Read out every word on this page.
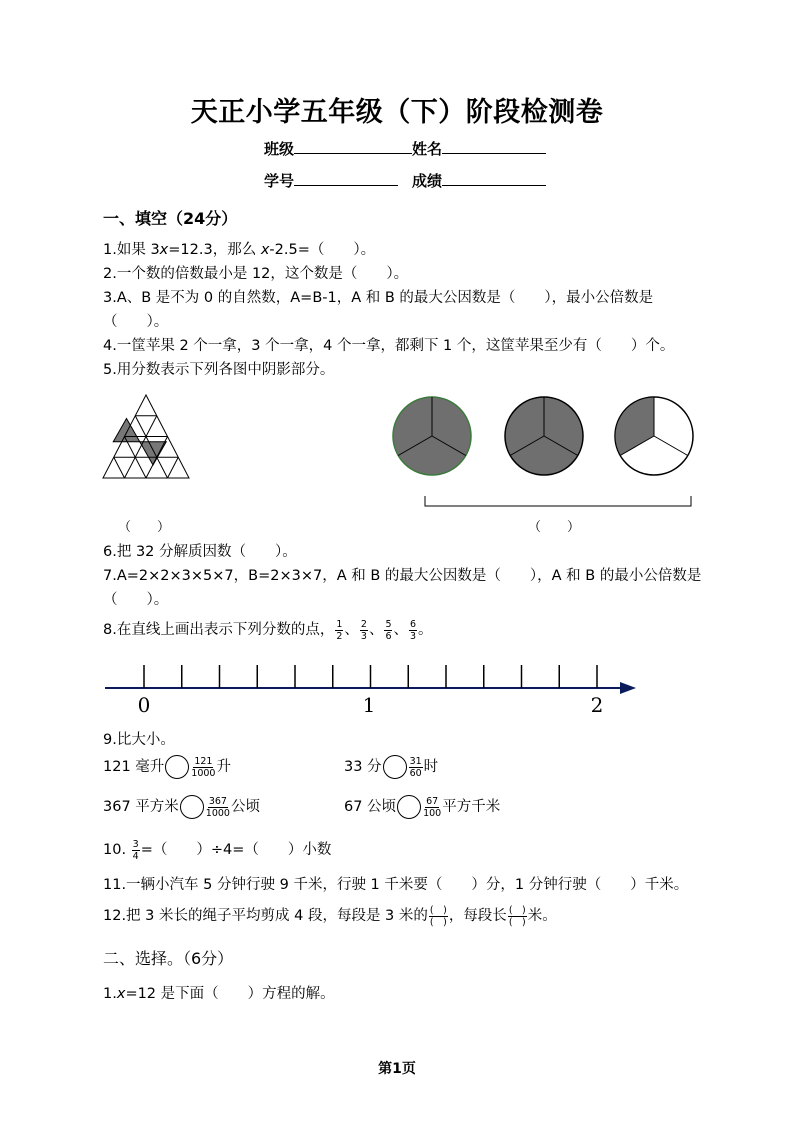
天正小学五年级（下）阶段检测卷
班级	姓名
学号	成绩
一、填空（24分）
1.如果 3x=12.3，那么 x-2.5=（　　）。
2.一个数的倍数最小是 12，这个数是（　　）。
3.A、B 是不为 0 的自然数，A=B-1，A 和 B 的最大公因数是（　　），最小公倍数是
（　　）。
4.一筐苹果 2 个一拿，3 个一拿，4 个一拿，都剩下 1 个，这筐苹果至少有（　　）个。
5.用分数表示下列各图中阴影部分。
（　　）	（　　）
6.把 32 分解质因数（　　）。
7.A=2×2×3×5×7，B=2×3×7，A 和 B 的最大公因数是（　　），A 和 B 的最小公倍数是
（　　）。
8.在直线上画出表示下列分数的点， $\frac{1}{2}$ 、 $\frac{2}{3}$ 、 $\frac{5}{6}$ 、 $\frac{6}{3}$ 。
0	1	2
9.比大小。
121 毫升	$\frac{121}{1000}$ 升	33 分	$\frac{31}{60}$ 时
367 平方米	$\frac{367}{1000}$ 公顷	67 公顷	$\frac{67}{100}$ 平方千米
10. $\frac{3}{4}$ =（　　）÷4=（　　）小数
11.一辆小汽车 5 分钟行驶 9 千米，行驶 1 千米要（　　）分，1 分钟行驶（　　）千米。
12.把 3 米长的绳子平均剪成 4 段，每段是 3 米的 $\frac{( )}{( )}$ ，每段长 $\frac{( )}{( )}$ 米。
二、选择。（6分）
1.x=12 是下面（　　）方程的解。
第1页
